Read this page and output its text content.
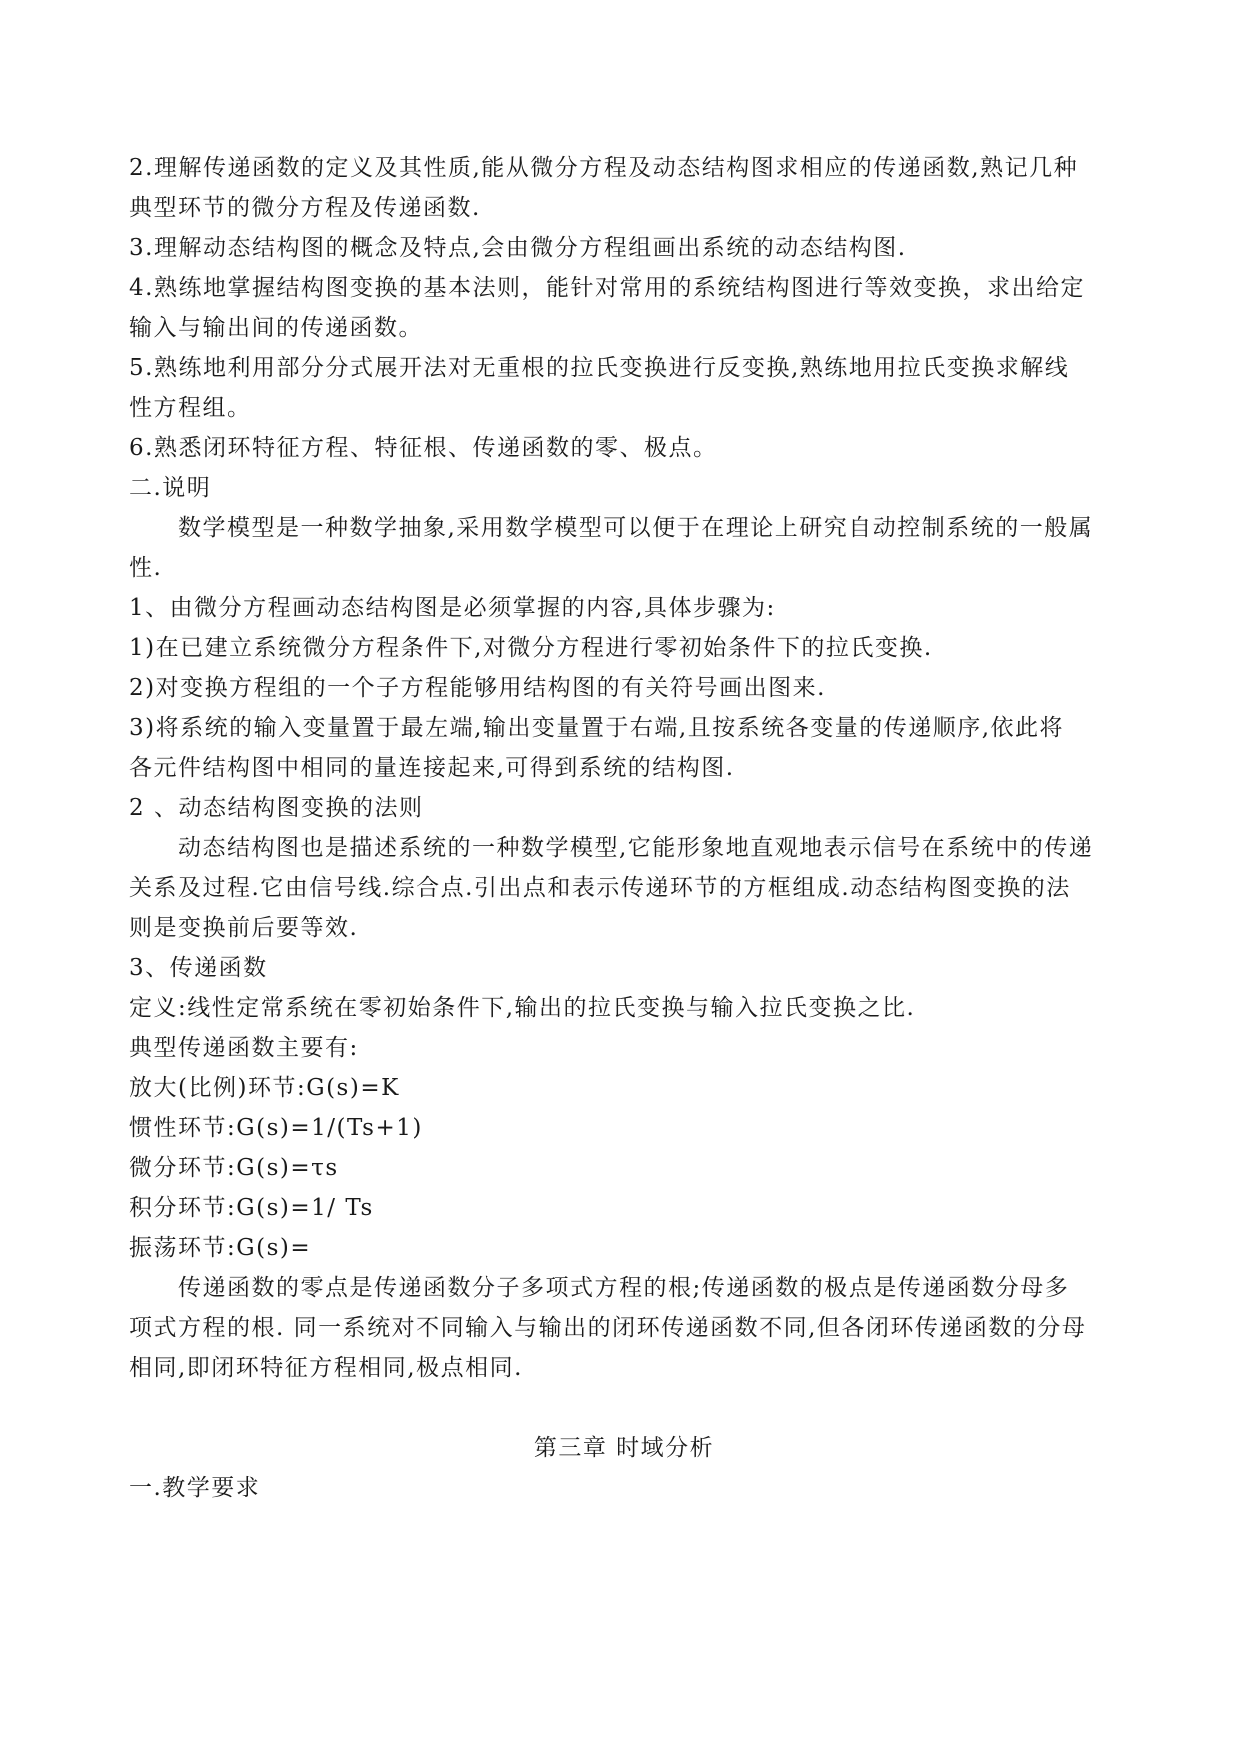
2.理解传递函数的定义及其性质,能从微分方程及动态结构图求相应的传递函数,熟记几种
典型环节的微分方程及传递函数.
3.理解动态结构图的概念及特点,会由微分方程组画出系统的动态结构图.
4.熟练地掌握结构图变换的基本法则，能针对常用的系统结构图进行等效变换，求出给定
输入与输出间的传递函数。
5.熟练地利用部分分式展开法对无重根的拉氏变换进行反变换,熟练地用拉氏变换求解线
性方程组。
6.熟悉闭环特征方程、特征根、传递函数的零、极点。
二.说明
数学模型是一种数学抽象,采用数学模型可以便于在理论上研究自动控制系统的一般属
性.
1、由微分方程画动态结构图是必须掌握的内容,具体步骤为:
1)在已建立系统微分方程条件下,对微分方程进行零初始条件下的拉氏变换.
2)对变换方程组的一个子方程能够用结构图的有关符号画出图来.
3)将系统的输入变量置于最左端,输出变量置于右端,且按系统各变量的传递顺序,依此将
各元件结构图中相同的量连接起来,可得到系统的结构图.
2 、动态结构图变换的法则
动态结构图也是描述系统的一种数学模型,它能形象地直观地表示信号在系统中的传递
关系及过程.它由信号线.综合点.引出点和表示传递环节的方框组成.动态结构图变换的法
则是变换前后要等效.
3、传递函数
定义:线性定常系统在零初始条件下,输出的拉氏变换与输入拉氏变换之比.
典型传递函数主要有:
放大(比例)环节:G(s)=K
惯性环节:G(s)=1/(Ts+1)
微分环节:G(s)=τs
积分环节:G(s)=1/ Ts
振荡环节:G(s)=
传递函数的零点是传递函数分子多项式方程的根;传递函数的极点是传递函数分母多
项式方程的根. 同一系统对不同输入与输出的闭环传递函数不同,但各闭环传递函数的分母
相同,即闭环特征方程相同,极点相同.
第三章 时域分析
一.教学要求
